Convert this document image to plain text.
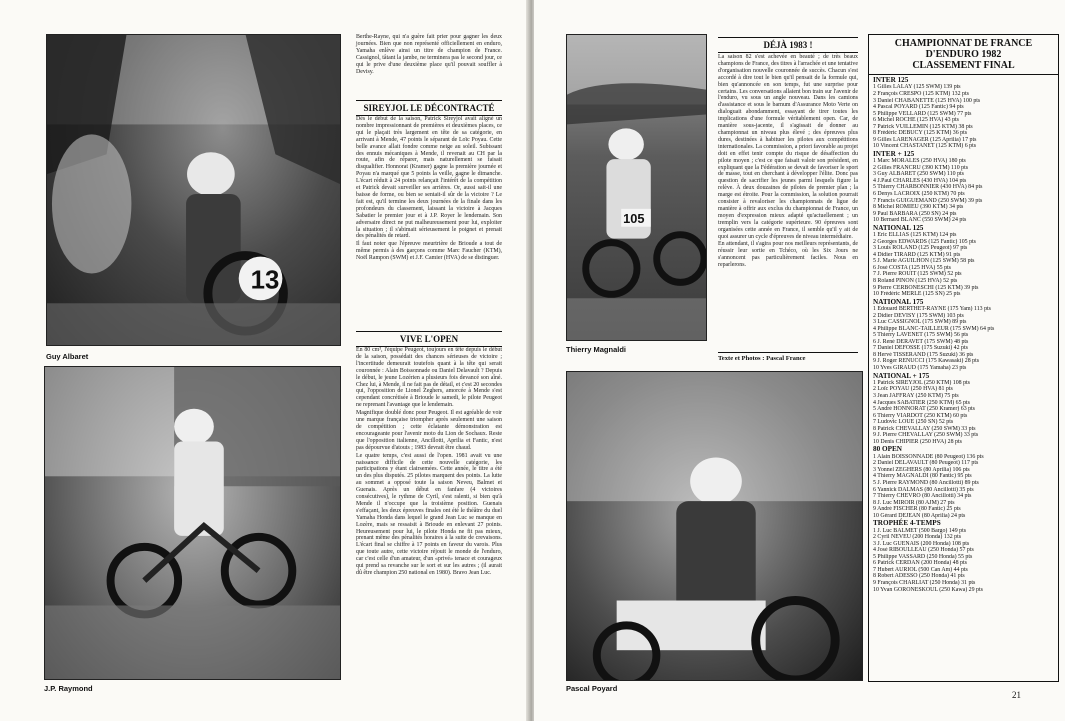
13
Guy Albaret
J.P. Raymond

Berthe-Rayne, qui n'a guère fait prier pour gagner les deux journées. Bien que non représenté officiellement en enduro, Yamaha enlève ainsi un titre de champion de France. Cassignol, tâtant la jambe, ne terminera pas le second jour, ce qui le prive d'une deuxième place qu'il pouvait souffler à Devisy.

SIREYJOL LE DÉCONTRACTÉ

Dès le début de la saison, Patrick Sireyjol avait aligné un nombre impressionnant de premières et deuxièmes places, ce qui le plaçait très largement en tête de sa catégorie, en arrivant à Mende, 47 points le séparant de Loïc Poyau. Cette belle avance allait fondre comme neige au soleil. Subissant des ennuis mécaniques à Mende, il revenait au CH par la route, afin de réparer, mais naturellement se faisait disqualifier. Honnorat (Kramer) gagne la première journée et Poyau n'a marqué que 5 points la veille, gagne le dimanche. L'écart réduit à 24 points relançait l'intérêt de la compétition et Patrick devait surveiller ses arrières. Or, aussi sait-il une baisse de forme, ou bien se sentait-il sûr de la victoire ? Le fait est, qu'il termine les deux journées de la finale dans les profondeurs du classement, laissant la victoire à Jacques Sabatier le premier jour et à J.P. Royer le lendemain. Son adversaire direct ne put malheureusement pour lui, exploiter la situation ; il s'abimait sérieusement le poignet et prenait des pénalités de retard.

Il faut noter que l'épreuve meurtrière de Brioude a tout de même permis à des garçons comme Marc Faucher (KTM), Noël Rampon (SWM) et J.F. Camier (HVA) de se distinguer.

VIVE L'OPEN

En 80 cm³, l'équipe Peugeot, toujours en tête depuis le début de la saison, possédait des chances sérieuses de victoire ; l'incertitude demeurait toutefois quant à la tête qui serait couronnée : Alain Boissonnade ou Daniel Delavault ? Depuis le début, le jeune Lozérien a plusieurs fois devancé son aîné. Chez lui, à Mende, il ne fait pas de détail, et c'est 20 secondes qui, l'opposition de Lionel Zeghers, amorcée à Mende s'est cependant concrétisée à Brioude le samedi, le pilote Peugeot ne reprenant l'avantage que le lendemain.

Magnifique doublé donc pour Peugeot. Il est agréable de voir une marque française triompher après seulement une saison de compétition ; cette éclatante démonstration est encourageante pour l'avenir moto du Lion de Sochaux. Reste que l'opposition italienne, Ancillotti, Aprilia et Fantic, n'est pas dépourvue d'atouts ; 1983 devrait être chaud.

Le quatre temps, c'est aussi de l'open. 1981 avait vu une naissance difficile de cette nouvelle catégorie, les participations y étant clairsemées. Cette année, le titre a été un des plus disputés. 25 pilotes marquent des points. La lutte au sommet a opposé toute la saison Neveu, Balmet et Guenais. Après un début en fanfare (4 victoires consécutives), le rythme de Cyril, s'est ralenti, si bien qu'à Mende il n'occupe que la troisième position. Guenais s'effaçant, les deux épreuves finales ont été le théâtre du duel Yamaha Honda dans lequel le grand Jean Luc se manque en Lozère, mais se ressaisit à Brioude en enlevant 27 points. Heureusement pour lui, le pilote Honda ne fit pas mieux, prenant même des pénalités horaires à la suite de crevaisons. L'écart final se chiffre à 17 points en faveur du varois. Plus que toute autre, cette victoire réjouit le monde de l'enduro, car c'est celle d'un amateur, d'un «privé» tenace et courageux qui prend sa revanche sur le sort et sur les autres ; (il aurait dû être champion 250 national en 1980). Bravo Jean Luc.

105
Thierry Magnaldi
Pascal Poyard
DÉJÀ 1983 !

La saison 82 s'est achevée en beauté ; de très beaux champions de France, des titres à l'arrachée et une tentative d'organisation nouvelle couronnée de succès. Chacun s'est accordé à dire tout le bien qu'il pensait de la formule qui, bien qu'annoncée en son temps, fut une surprise pour certains. Les conversations allaient bon train sur l'avenir de l'enduro, vu sous un angle nouveau. Dans les camions d'assistance et sous le barnum d'Assurance Moto Verte on dialoguait abondamment, essayant de tirer toutes les implications d'une formule véritablement open. Car, de manière sous-jacente, il s'agissait de donner au championnat un niveau plus élevé ; des épreuves plus dures, destinées à habituer les pilotes aux compétitions internationales. La commission, a priori favorable au projet doit en effet tenir compte du risque de désaffection du pilote moyen ; c'est ce que faisait valoir son président, en expliquant que la Fédération se devait de favoriser le sport de masse, tout en cherchant à développer l'élite. Donc pas question de sacrifier les jeunes parmi lesquels figure la relève. À deux douzaines de pilotes de premier plan ; la marge est étroite. Pour la commission, la solution pourrait consister à revaloriser les championnats de ligue de manière à offrir aux exclus du championnat de France, un moyen d'expression mieux adapté qu'actuellement ; un tremplin vers la catégorie supérieure. 90 épreuves sont organisées cette année en France, il semble qu'il y ait de quoi assurer un cycle d'épreuves de niveau intermédiaire.

En attendant, il s'agira pour nos meilleurs représentants, de réussir leur sortie en Tchéco, où les Six Jours ne s'annoncent pas particulièrement faciles. Nous en reparlerons.

Texte et Photos : Pascal France
CHAMPIONNAT DE FRANCE
D'ENDURO 1982
CLASSEMENT FINAL
INTER 125
1 Gilles LALAY (125 SWM) 139 pts
2 François CRESPO (125 KTM) 132 pts
3 Daniel CHABANETTE (125 HVA) 100 pts
4 Pascal POYARD (125 Fantic) 94 pts
5 Philippe VELLARD (125 SWM) 77 pts
6 Michel ROCHE (125 HVA) 43 pts
7 Patrick VUILLEMIN (125 KTM) 38 pts
8 Frédéric DEBUCY (125 KTM) 36 pts
9 Gilles LARENAGER (125 Aprilia) 17 pts
10 Vincent CHASTANET (125 KTM) 6 pts
INTER + 125
1 Marc MORALÈS (250 HVA) 180 pts
2 Gilles FRANCRU (390 KTM) 110 pts
3 Guy ALBARET (250 SWM) 110 pts
4 J.Paul CHARLES (430 HVA) 104 pts
5 Thierry CHARBONNIER (430 HVA) 84 pts
6 Denys LACROIX (250 KTM) 70 pts
7 Francis GUIGUEMAND (250 SWM) 39 pts
8 Michel ROMIEU (390 KTM) 34 pts
9 Paul BARBARA (250 SN) 24 pts
10 Bernard BLANC (550 SWM) 24 pts
NATIONAL 125
1 Eric ELLIAS (125 KTM) 124 pts
2 Georges EDWARDS (125 Fantic) 105 pts
3 Louis ROLAND (125 Peugeot) 97 pts
4 Didier TIRARD (125 KTM) 91 pts
5 J. Marie AGUILHON (125 SWM) 58 pts
6 José COSTA (125 HVA) 55 pts
7 J. Pierre ROUIT (125 SWM) 52 pts
8 Roland PINON (125 HVA) 52 pts
9 Pierre CERBONESCHI (125 KTM) 39 pts
10 Frédéric MERLE (125 SN) 25 pts
NATIONAL 175
1 Edouard BERTHET-RAYNE (175 Yam) 113 pts
2 Didier DEVISY (175 SWM) 103 pts
3 Luc CASSIGNOL (175 SWM) 89 pts
4 Philippe BLANC-TAILLEUR (175 SWM) 64 pts
5 Thierry LAVENET (175 SWM) 56 pts
6 J. René DERAVET (175 SWM) 48 pts
7 Daniel DEFOSSE (175 Suzuki) 42 pts
8 Hervé TISSERAND (175 Suzuki) 36 pts
9 J. Roger RENUCCI (175 Kawasaki) 28 pts
10 Yves GIRAUD (175 Yamaha) 23 pts
NATIONAL + 175
1 Patrick SIREYJOL (250 KTM) 108 pts
2 Loïc POYAU (250 HVA) 81 pts
3 Jean JAFFRAY (250 KTM) 75 pts
4 Jacques SABATIER (250 KTM) 65 pts
5 André HONNORAT (250 Kramer) 63 pts
6 Thierry VIARDOT (250 KTM) 60 pts
7 Ludovic LOUE (250 SN) 52 pts
8 Patrick CHEVALLAY (250 SWM) 33 pts
9 J. Pierre CHEVALLAY (250 SWM) 33 pts
10 Denis CHIPIER (250 HVA) 28 pts
80 OPEN
1 Alain BOISSONNADE (80 Peugeot) 136 pts
2 Daniel DELAVAULT (80 Peugeot) 117 pts
3 Yonnel ZEGHERS (80 Aprilia) 106 pts
4 Thierry MAGNALDI (80 Fantic) 95 pts
5 J. Pierre RAYMOND (80 Ancillotti) 89 pts
6 Yannick DALMAS (80 Ancillotti) 35 pts
7 Thierry CHEVRO (80 Ancillotti) 34 pts
8 J. Luc MIROIR (80 AJM) 27 pts
9 André FISCHER (80 Fantic) 25 pts
10 Gérard DEJEAN (80 Aprilia) 24 pts
TROPHÉE 4-TEMPS
1 J. Luc BALMET (500 Bargo) 149 pts
2 Cyril NEVEU (200 Honda) 132 pts
3 J. Luc GUENAIS (200 Honda) 108 pts
4 José RIBOULLEAU (250 Honda) 57 pts
5 Philippe VASSARD (250 Honda) 55 pts
6 Patrick CERDAN (200 Honda) 48 pts
7 Hubert AURIOL (500 Can Am) 44 pts
8 Robert ADESSO (250 Honda) 41 pts
9 François CHARLIAT (250 Honda) 31 pts
10 Yvan GORONESKOUL (250 Kawa) 29 pts
21
